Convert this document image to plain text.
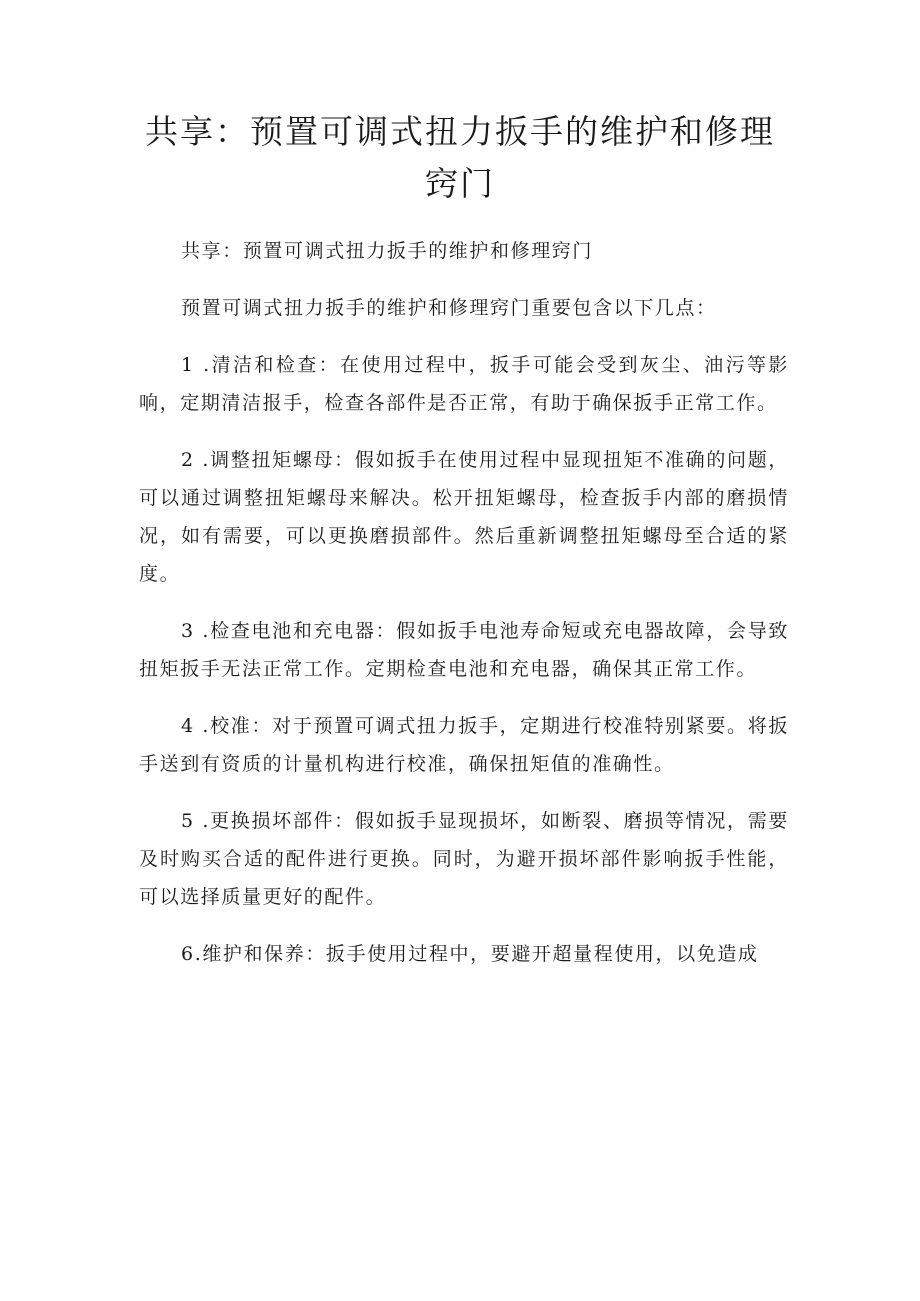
共享：预置可调式扭力扳手的维护和修理窍门

共享：预置可调式扭力扳手的维护和修理窍门

预置可调式扭力扳手的维护和修理窍门重要包含以下几点：

1 .清洁和检查：在使用过程中，扳手可能会受到灰尘、油污等影响，定期清洁报手，检查各部件是否正常，有助于确保扳手正常工作。

2 .调整扭矩螺母：假如扳手在使用过程中显现扭矩不准确的问题，可以通过调整扭矩螺母来解决。松开扭矩螺母，检查扳手内部的磨损情况，如有需要，可以更换磨损部件。然后重新调整扭矩螺母至合适的紧度。

3 .检查电池和充电器：假如扳手电池寿命短或充电器故障，会导致扭矩扳手无法正常工作。定期检查电池和充电器，确保其正常工作。

4 .校准：对于预置可调式扭力扳手，定期进行校准特别紧要。将扳手送到有资质的计量机构进行校准，确保扭矩值的准确性。

5 .更换损坏部件：假如扳手显现损坏，如断裂、磨损等情况，需要及时购买合适的配件进行更换。同时，为避开损坏部件影响扳手性能，可以选择质量更好的配件。

6.维护和保养：扳手使用过程中，要避开超量程使用，以免造成
